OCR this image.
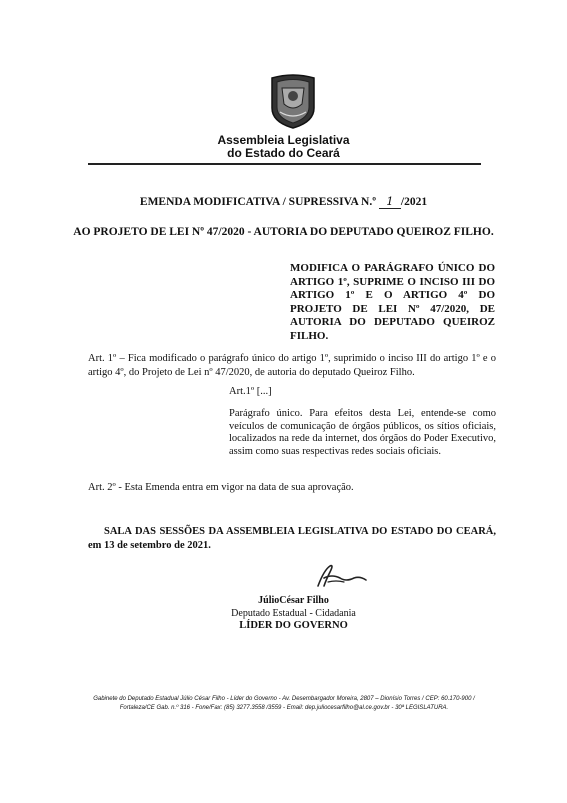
Assembleia Legislativa
do Estado do Ceará
EMENDA MODIFICATIVA / SUPRESSIVA N.º 1 /2021
AO PROJETO DE LEI Nº 47/2020 - AUTORIA DO DEPUTADO QUEIROZ FILHO.
MODIFICA O PARÁGRAFO ÚNICO DO ARTIGO 1º, SUPRIME O INCISO III DO ARTIGO 1º E O ARTIGO 4º DO PROJETO DE LEI Nº 47/2020, DE AUTORIA DO DEPUTADO QUEIROZ FILHO.
Art. 1º – Fica modificado o parágrafo único do artigo 1º, suprimido o inciso III do artigo 1º e o artigo 4º, do Projeto de Lei nº 47/2020, de autoria do deputado Queiroz Filho.
Art.1º [...]
Parágrafo único. Para efeitos desta Lei, entende-se como veículos de comunicação de órgãos públicos, os sítios oficiais, localizados na rede da internet, dos órgãos do Poder Executivo, assim como suas respectivas redes sociais oficiais.
Art. 2º - Esta Emenda entra em vigor na data de sua aprovação.
SALA DAS SESSÕES DA ASSEMBLEIA LEGISLATIVA DO ESTADO DO CEARÁ, em 13 de setembro de 2021.
JúlioCésar Filho
Deputado Estadual - Cidadania
LÍDER DO GOVERNO
Gabinete do Deputado Estadual Júlio César Filho - Líder do Governo - Av. Desembargador Moreira, 2807 – Dionísio Torres / CEP: 60.170-900 /
Fortaleza/CE Gab. n.º 316 - Fone/Fax: (85) 3277.3558 /3559 - Email: dep.juliocesarfilho@al.ce.gov.br - 30ª LEGISLATURA.
